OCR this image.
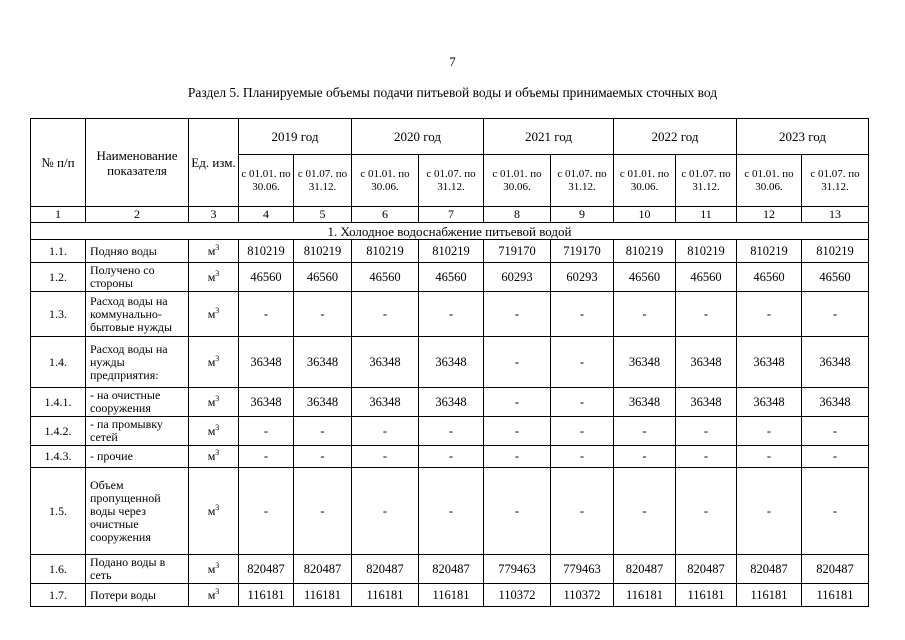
7
Раздел 5. Планируемые объемы подачи питьевой воды и объемы принимаемых сточных вод
№ п/п	Наименование показателя	Ед. изм.	2019 год		2020 год		2021 год		2022 год		2023 год	
			с 01.01. по 30.06.	с 01.07. по 31.12.	с 01.01. по 30.06.	с 01.07. по 31.12.	с 01.01. по 30.06.	с 01.07. по 31.12.	с 01.01. по 30.06.	с 01.07. по 31.12.	с 01.01. по 30.06.	с 01.07. по 31.12.
1	2	3	4	5	6	7	8	9	10	11	12	13
1. Холодное водоснабжение питьевой водой												
1.1.	Подняо воды	$м^3$	810219	810219	810219	810219	719170	719170	810219	810219	810219	810219
1.2.	Получено со стороны	$м^3$	46560	46560	46560	46560	60293	60293	46560	46560	46560	46560
1.3.	Расход воды на коммунально-бытовые нужды	$м^3$	-	-	-	-	-	-	-	-	-	-
1.4.	Расход воды на нужды предприятия:	$м^3$	36348	36348	36348	36348	-	-	36348	36348	36348	36348
1.4.1.	- на очистные сооружения	$м^3$	36348	36348	36348	36348	-	-	36348	36348	36348	36348
1.4.2.	- па промывку сетей	$м^3$	-	-	-	-	-	-	-	-	-	-
1.4.3.	- прочие	$м^3$	-	-	-	-	-	-	-	-	-	-
1.5.	Объем пропущенной воды через очистные сооружения	$м^3$	-	-	-	-	-	-	-	-	-	-
1.6.	Подано воды в сеть	$м^3$	820487	820487	820487	820487	779463	779463	820487	820487	820487	820487
1.7.	Потери воды	$м^3$	116181	116181	116181	116181	110372	110372	116181	116181	116181	116181
